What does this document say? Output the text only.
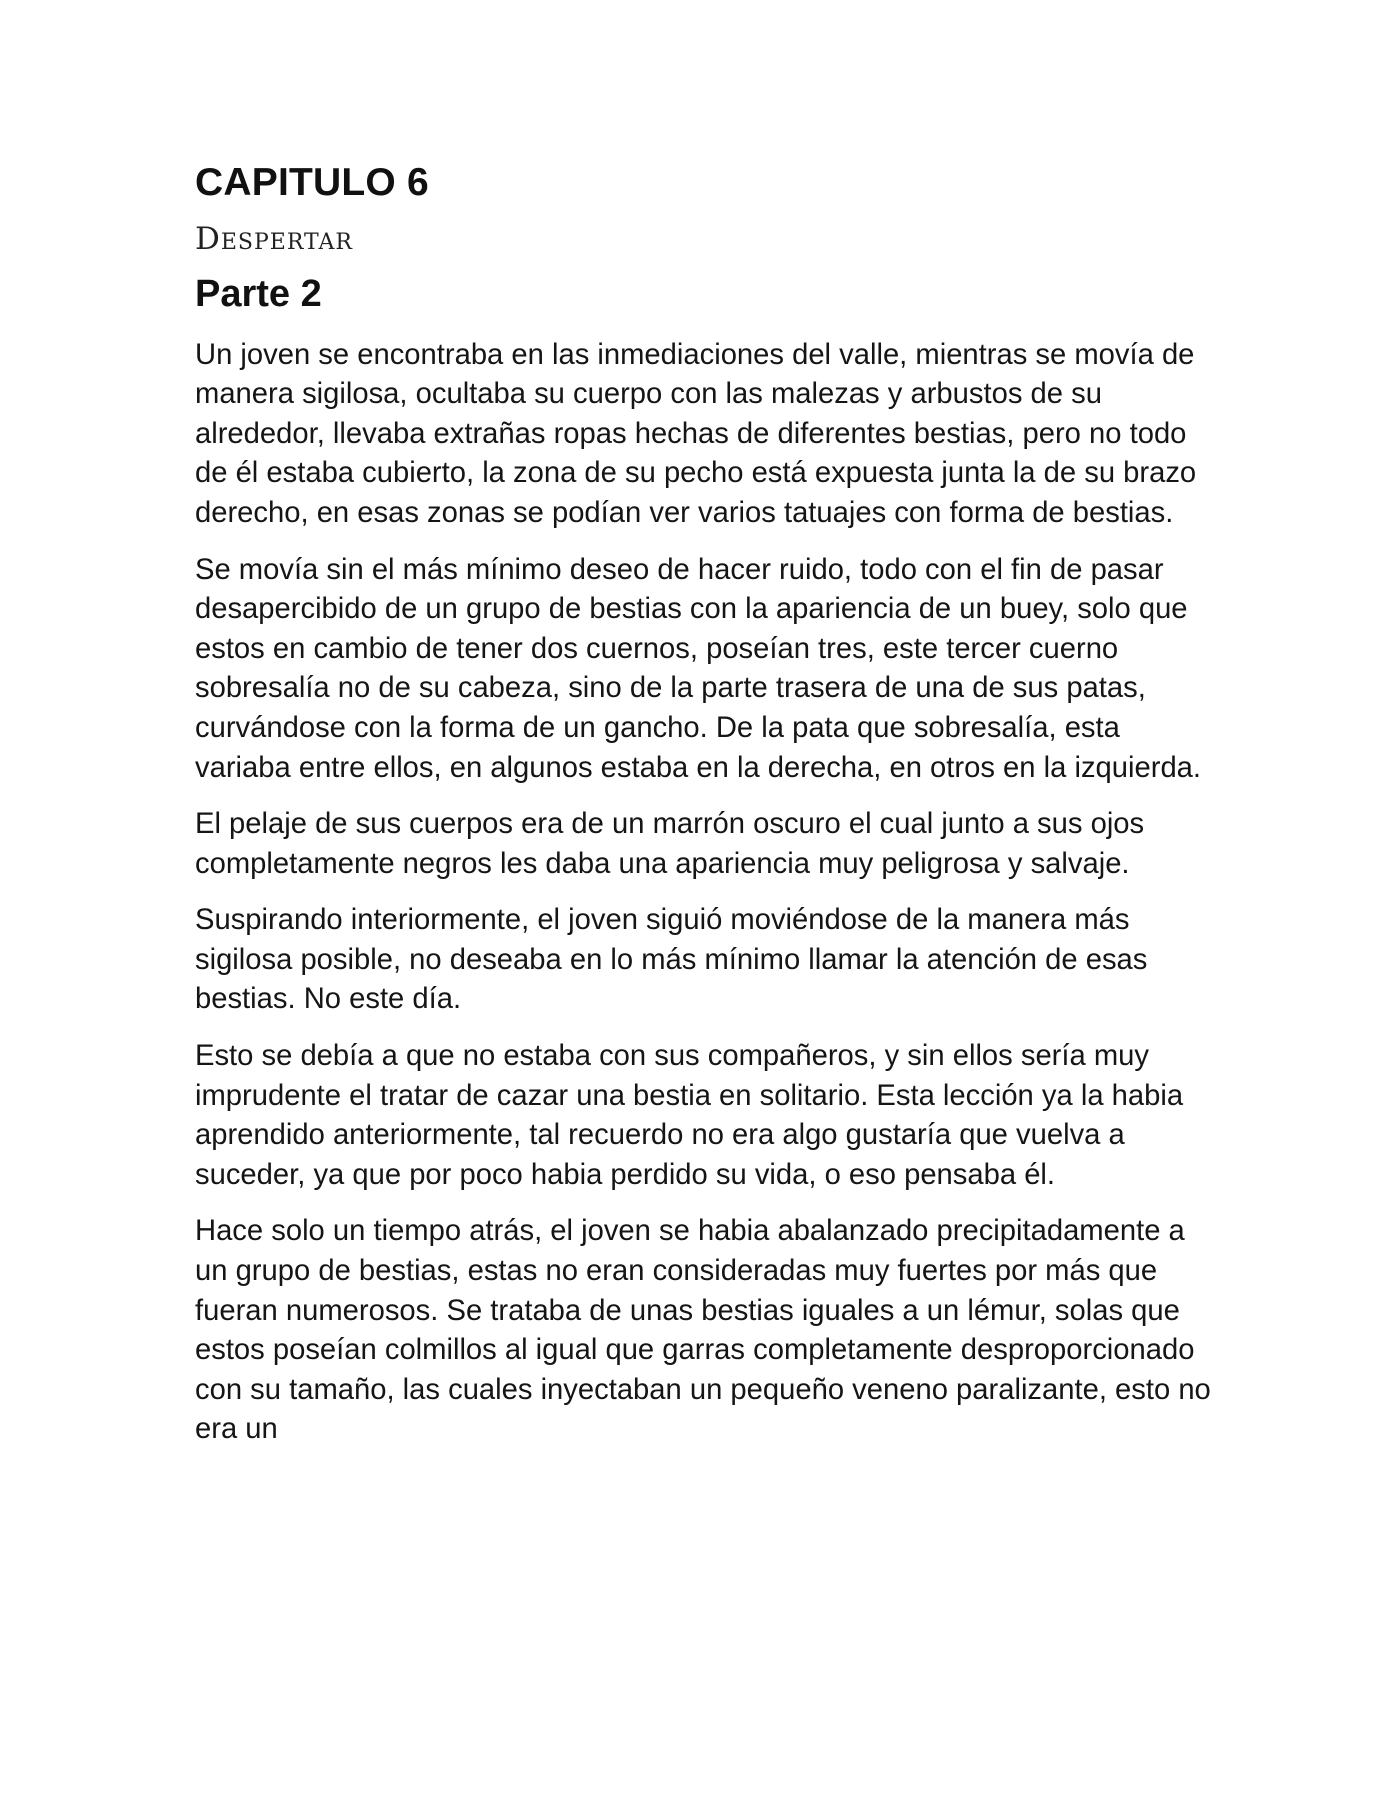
CAPITULO 6
Despertar
Parte 2

Un joven se encontraba en las inmediaciones del valle, mientras se movía de manera sigilosa, ocultaba su cuerpo con las malezas y arbustos de su alrededor, llevaba extrañas ropas hechas de diferentes bestias, pero no todo de él estaba cubierto, la zona de su pecho está expuesta junta la de su brazo derecho, en esas zonas se podían ver varios tatuajes con forma de bestias.

Se movía sin el más mínimo deseo de hacer ruido, todo con el fin de pasar desapercibido de un grupo de bestias con la apariencia de un buey, solo que estos en cambio de tener dos cuernos, poseían tres, este tercer cuerno sobresalía no de su cabeza, sino de la parte trasera de una de sus patas, curvándose con la forma de un gancho. De la pata que sobresalía, esta variaba entre ellos, en algunos estaba en la derecha, en otros en la izquierda.

El pelaje de sus cuerpos era de un marrón oscuro el cual junto a sus ojos completamente negros les daba una apariencia muy peligrosa y salvaje.

Suspirando interiormente, el joven siguió moviéndose de la manera más sigilosa posible, no deseaba en lo más mínimo llamar la atención de esas bestias. No este día.

Esto se debía a que no estaba con sus compañeros, y sin ellos sería muy imprudente el tratar de cazar una bestia en solitario. Esta lección ya la habia aprendido anteriormente, tal recuerdo no era algo gustaría que vuelva a suceder, ya que por poco habia perdido su vida, o eso pensaba él.

Hace solo un tiempo atrás, el joven se habia abalanzado precipitadamente a un grupo de bestias, estas no eran consideradas muy fuertes por más que fueran numerosos. Se trataba de unas bestias iguales a un lémur, solas que estos poseían colmillos al igual que garras completamente desproporcionado con su tamaño, las cuales inyectaban un pequeño veneno paralizante, esto no era un
